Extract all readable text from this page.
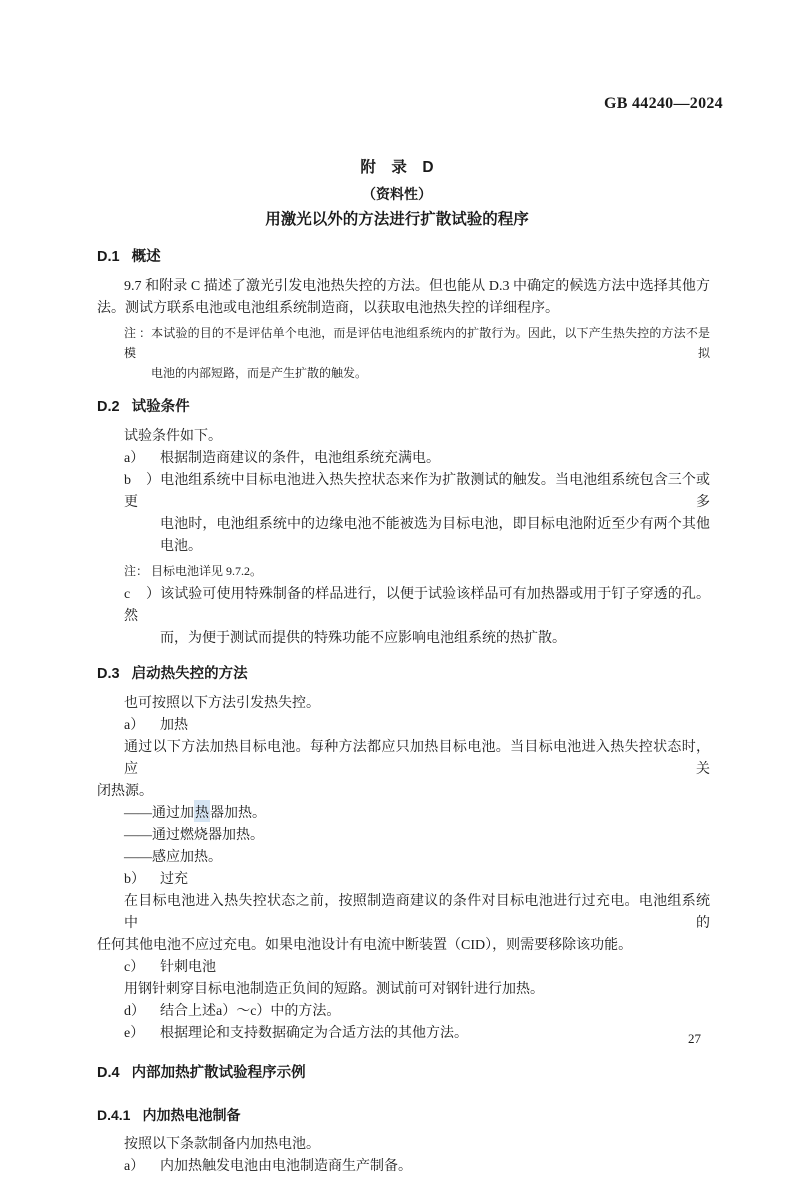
GB 44240—2024
附　录　D
（资料性）
用激光以外的方法进行扩散试验的程序
D.1 概述
9.7 和附录 C 描述了激光引发电池热失控的方法。但也能从 D.3 中确定的候选方法中选择其他方
法。测试方联系电池或电池组系统制造商，以获取电池热失控的详细程序。
注：本试验的目的不是评估单个电池，而是评估电池组系统内的扩散行为。因此，以下产生热失控的方法不是模拟
电池的内部短路，而是产生扩散的触发。
D.2 试验条件
试验条件如下。
a） 根据制造商建议的条件，电池组系统充满电。
b）电池组系统中目标电池进入热失控状态来作为扩散测试的触发。当电池组系统包含三个或更多
电池时，电池组系统中的边缘电池不能被选为目标电池，即目标电池附近至少有两个其他
电池。
注： 目标电池详见 9.7.2。
c）该试验可使用特殊制备的样品进行，以便于试验该样品可有加热器或用于钉子穿透的孔。然
而，为便于测试而提供的特殊功能不应影响电池组系统的热扩散。
D.3 启动热失控的方法
也可按照以下方法引发热失控。
a） 加热
通过以下方法加热目标电池。每种方法都应只加热目标电池。当目标电池进入热失控状态时，应关
闭热源。
——通过加热器加热。
——通过燃烧器加热。
——感应加热。
b） 过充
在目标电池进入热失控状态之前，按照制造商建议的条件对目标电池进行过充电。电池组系统中的
任何其他电池不应过充电。如果电池设计有电流中断装置（CID），则需要移除该功能。
c） 针刺电池
用钢针刺穿目标电池制造正负间的短路。测试前可对钢针进行加热。
d） 结合上述a）～c）中的方法。
e） 根据理论和支持数据确定为合适方法的其他方法。
D.4 内部加热扩散试验程序示例
D.4.1 内加热电池制备
按照以下条款制备内加热电池。
a） 内加热触发电池由电池制造商生产制备。
27
